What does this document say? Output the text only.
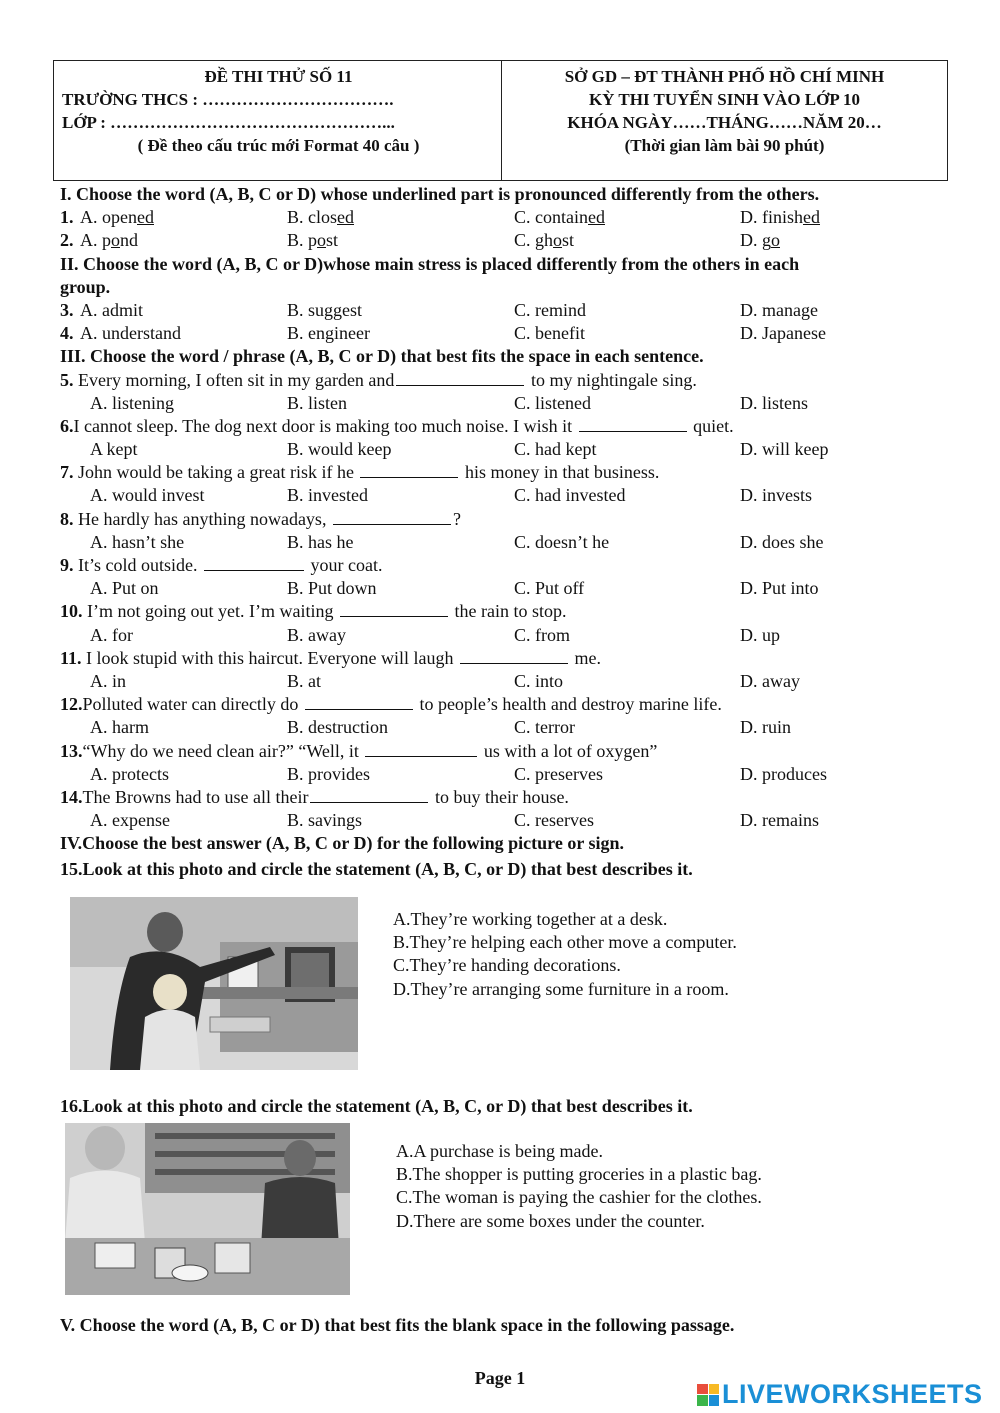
ĐỀ THI THỬ SỐ 11
TRƯỜNG THCS : …………………………….
LỚP : …………………………………………...
( Đề theo cấu trúc mới Format 40 câu )
SỞ GD – ĐT THÀNH PHỐ HỒ CHÍ MINH
KỲ THI TUYỂN SINH VÀO LỚP 10
KHÓA NGÀY……THÁNG……NĂM 20…
(Thời gian làm bài 90 phút)
I. Choose the word (A, B, C or D) whose underlined part is pronounced differently from the others.
1. A. opened	B. closed	C. contained	D. finished
2. A. pond	B. post	C. ghost	D. go
II. Choose the word (A, B, C or D)whose main stress is placed differently from the others in each
group.
3. A. admit	B. suggest	C. remind	D. manage
4. A. understand	B. engineer	C. benefit	D. Japanese
III. Choose the word / phrase (A, B, C or D) that best fits the space in each sentence.
5. Every morning, I often sit in my garden and	to my nightingale sing.
A. listening	B. listen	C. listened	D. listens
6.I cannot sleep. The dog next door is making too much noise. I wish it	quiet.
A kept	B. would keep	C. had kept	D. will keep
7. John would be taking a great risk if he	his money in that business.
A. would invest	B. invested	C. had invested	D. invests
8. He hardly has anything nowadays,	?
A. hasn’t she	B. has he	C. doesn’t he	D. does she
9. It’s cold outside.	your coat.
A. Put on	B. Put down	C. Put off	D. Put into
10. I’m not going out yet. I’m waiting	the rain to stop.
A. for	B. away	C. from	D. up
11. I look stupid with this haircut. Everyone will laugh	me.
A. in	B. at	C. into	D. away
12.Polluted water can directly do	to people’s health and destroy marine life.
A. harm	B. destruction	C. terror	D. ruin
13.“Why do we need clean air?” “Well, it	us with a lot of oxygen”
A. protects	B. provides	C. preserves	D. produces
14.The Browns had to use all their	to buy their house.
A. expense	B. savings	C. reserves	D. remains
IV.Choose the best answer (A, B, C or D) for the following picture or sign.
15.Look at this photo and circle the statement (A, B, C, or D) that best describes it.
A.They’re working together at a desk.
B.They’re helping each other move a computer.
C.They’re handing decorations.
D.They’re arranging some furniture in a room.
16.Look at this photo and circle the statement (A, B, C, or D) that best describes it.
A.A purchase is being made.
B.The shopper is putting groceries in a plastic bag.
C.The woman is paying the cashier for the clothes.
D.There are some boxes under the counter.
V. Choose the word (A, B, C or D) that best fits the blank space in the following passage.
Page 1
LIVEWORKSHEETS
